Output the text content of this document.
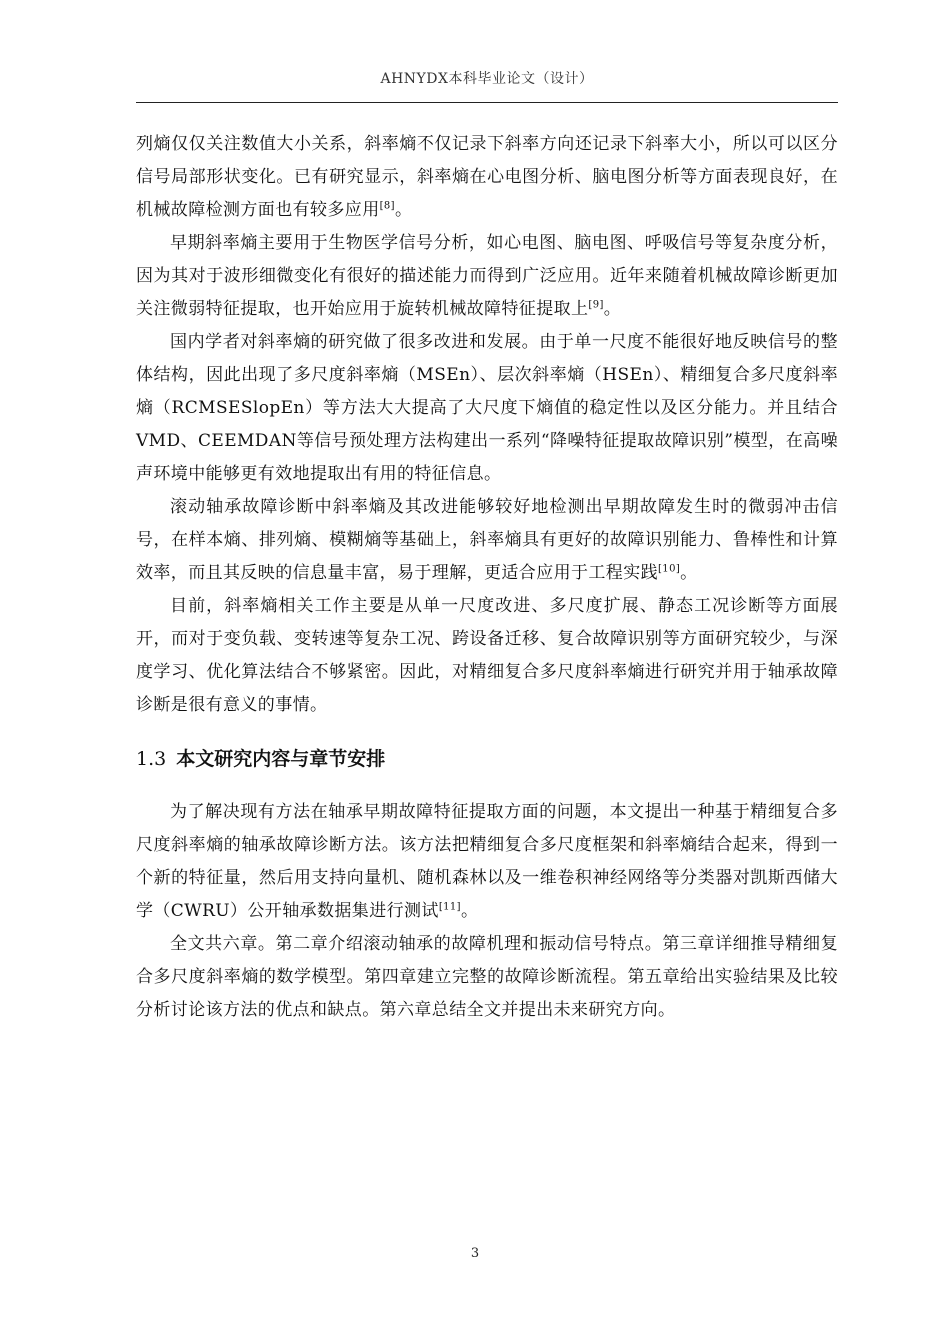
AHNYDX本科毕业论文（设计）

列熵仅仅关注数值大小关系，斜率熵不仅记录下斜率方向还记录下斜率大小，所以可以区分信号局部形状变化。已有研究显示，斜率熵在心电图分析、脑电图分析等方面表现良好，在机械故障检测方面也有较多应用[8]。

早期斜率熵主要用于生物医学信号分析，如心电图、脑电图、呼吸信号等复杂度分析，因为其对于波形细微变化有很好的描述能力而得到广泛应用。近年来随着机械故障诊断更加关注微弱特征提取，也开始应用于旋转机械故障特征提取上[9]。

国内学者对斜率熵的研究做了很多改进和发展。由于单一尺度不能很好地反映信号的整体结构，因此出现了多尺度斜率熵（MSEn）、层次斜率熵（HSEn）、精细复合多尺度斜率熵（RCMSESlopEn）等方法大大提高了大尺度下熵值的稳定性以及区分能力。并且结合VMD、CEEMDAN等信号预处理方法构建出一系列“降噪特征提取故障识别”模型，在高噪声环境中能够更有效地提取出有用的特征信息。

滚动轴承故障诊断中斜率熵及其改进能够较好地检测出早期故障发生时的微弱冲击信号，在样本熵、排列熵、模糊熵等基础上，斜率熵具有更好的故障识别能力、鲁棒性和计算效率，而且其反映的信息量丰富，易于理解，更适合应用于工程实践[10]。

目前，斜率熵相关工作主要是从单一尺度改进、多尺度扩展、静态工况诊断等方面展开，而对于变负载、变转速等复杂工况、跨设备迁移、复合故障识别等方面研究较少，与深度学习、优化算法结合不够紧密。因此，对精细复合多尺度斜率熵进行研究并用于轴承故障诊断是很有意义的事情。

1.3 本文研究内容与章节安排

为了解决现有方法在轴承早期故障特征提取方面的问题，本文提出一种基于精细复合多尺度斜率熵的轴承故障诊断方法。该方法把精细复合多尺度框架和斜率熵结合起来，得到一个新的特征量，然后用支持向量机、随机森林以及一维卷积神经网络等分类器对凯斯西储大学（CWRU）公开轴承数据集进行测试[11]。

全文共六章。第二章介绍滚动轴承的故障机理和振动信号特点。第三章详细推导精细复合多尺度斜率熵的数学模型。第四章建立完整的故障诊断流程。第五章给出实验结果及比较分析讨论该方法的优点和缺点。第六章总结全文并提出未来研究方向。

3
